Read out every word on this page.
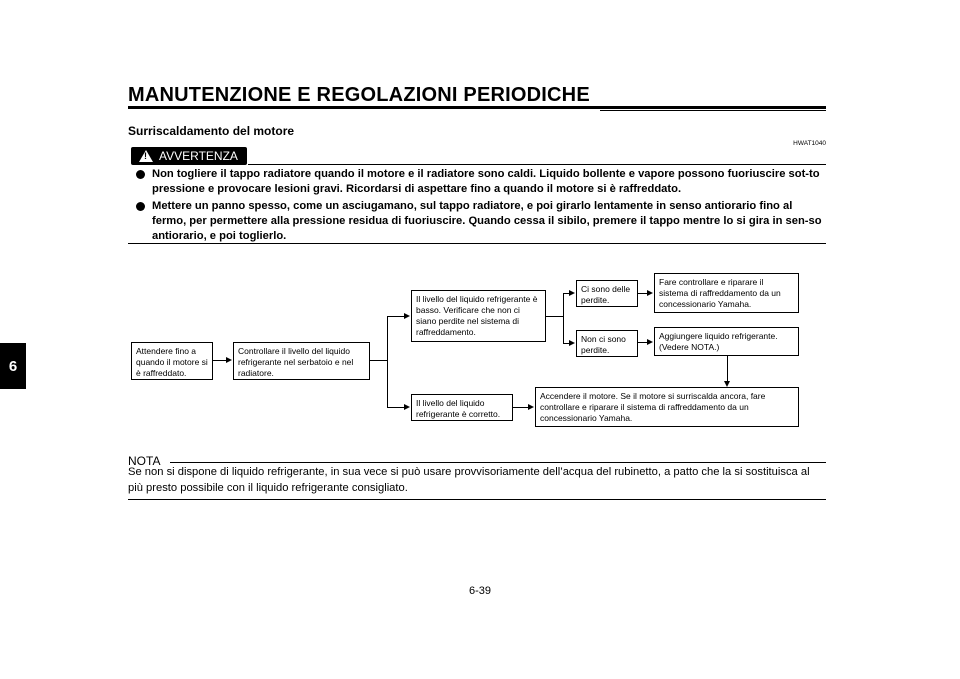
MANUTENZIONE E REGOLAZIONI PERIODICHE
6
Surriscaldamento del motore
HWAT1040
!
AVVERTENZA
Non togliere il tappo radiatore quando il motore e il radiatore sono caldi. Liquido bollente e vapore possono fuoriuscire sot-to pressione e provocare lesioni gravi. Ricordarsi di aspettare fino a quando il motore si è raffreddato.
Mettere un panno spesso, come un asciugamano, sul tappo radiatore, e poi girarlo lentamente in senso antiorario fino al fermo, per permettere alla pressione residua di fuoriuscire. Quando cessa il sibilo, premere il tappo mentre lo si gira in sen-so antiorario, e poi toglierlo.
Attendere fino a quando il motore si è raffreddato.
Controllare il livello del liquido refrigerante nel serbatoio e nel radiatore.
Il livello del liquido refrigerante è basso. Verificare che non ci siano perdite nel sistema di raffreddamento.
Il livello del liquido refrigerante è corretto.
Ci sono delle perdite.
Non ci sono perdite.
Fare controllare e riparare il sistema di raffreddamento da un concessionario Yamaha.
Aggiungere liquido refrigerante. (Vedere NOTA.)
Accendere il motore. Se il motore si surriscalda ancora, fare controllare e riparare il sistema di raffreddamento da un concessionario Yamaha.
NOTA
Se non si dispone di liquido refrigerante, in sua vece si può usare provvisoriamente dell’acqua del rubinetto, a patto che la si sostituisca al più presto possibile con il liquido refrigerante consigliato.
6-39
